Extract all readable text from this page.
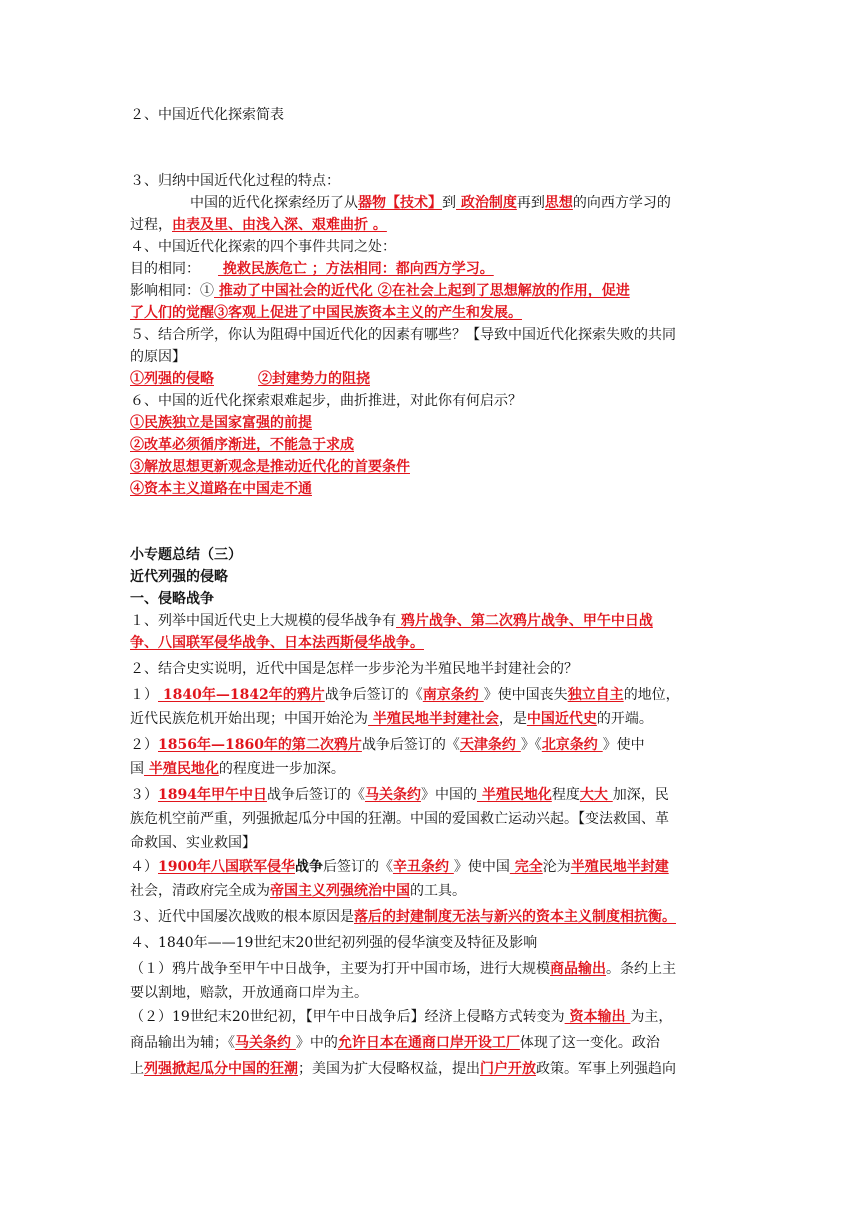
２、中国近代化探索简表
３、归纳中国近代化过程的特点：
中国的近代化探索经历了从器物【技术】到 政治制度再到思想的向西方学习的
过程，由表及里、由浅入深、艰难曲折 。
４、中国近代化探索的四个事件共同之处：
目的相同： 挽救民族危亡 ；方法相同：都向西方学习。
影响相同：① 推动了中国社会的近代化 ②在社会上起到了思想解放的作用，促进
了人们的觉醒③客观上促进了中国民族资本主义的产生和发展。
５、结合所学，你认为阻碍中国近代化的因素有哪些？【导致中国近代化探索失败的共同
的原因】
①列强的侵略	②封建势力的阻挠
６、中国的近代化探索艰难起步，曲折推进，对此你有何启示？
①民族独立是国家富强的前提
②改革必须循序渐进，不能急于求成
③解放思想更新观念是推动近代化的首要条件
④资本主义道路在中国走不通
小专题总结（三）
近代列强的侵略
一、侵略战争
１、列举中国近代史上大规模的侵华战争有 鸦片战争、第二次鸦片战争、甲午中日战
争、八国联军侵华战争、日本法西斯侵华战争。
２、结合史实说明，近代中国是怎样一步步沦为半殖民地半封建社会的？
１） 1840年—1842年的鸦片战争后签订的《南京条约 》使中国丧失独立自主的地位，
近代民族危机开始出现；中国开始沦为 半殖民地半封建社会，是中国近代史的开端。
２）1856年—1860年的第二次鸦片战争后签订的《天津条约 》《北京条约 》使中
国 半殖民地化的程度进一步加深。
３）1894年甲午中日战争后签订的《马关条约》中国的 半殖民地化程度大大 加深，民
族危机空前严重，列强掀起瓜分中国的狂潮。中国的爱国救亡运动兴起。【变法救国、革
命救国、实业救国】
４）1900年八国联军侵华战争后签订的《辛丑条约 》使中国 完全沦为半殖民地半封建
社会，清政府完全成为帝国主义列强统治中国的工具。
３、近代中国屡次战败的根本原因是落后的封建制度无法与新兴的资本主义制度相抗衡。
４、1840年——19世纪末20世纪初列强的侵华演变及特征及影响
（１）鸦片战争至甲午中日战争，主要为打开中国市场，进行大规模商品输出。条约上主
要以割地，赔款，开放通商口岸为主。
（２）19世纪末20世纪初，【甲午中日战争后】经济上侵略方式转变为 资本输出 为主，
商品输出为辅；《马关条约 》中的允许日本在通商口岸开设工厂体现了这一变化。政治
上列强掀起瓜分中国的狂潮；美国为扩大侵略权益，提出门户开放政策。军事上列强趋向
